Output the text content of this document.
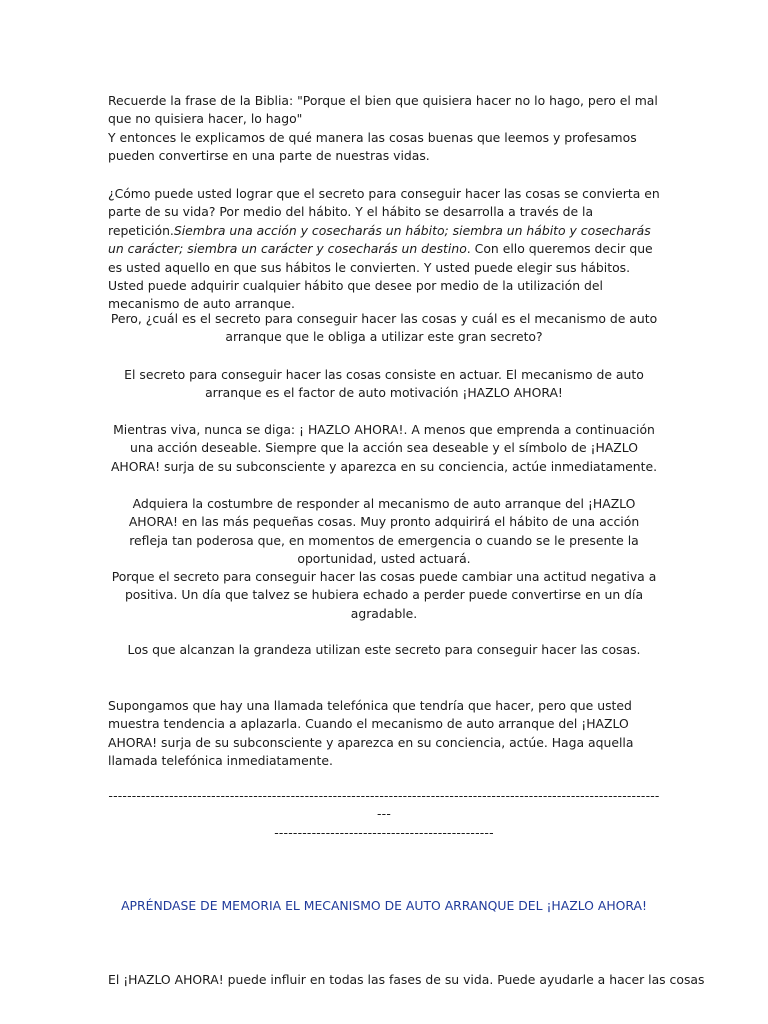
Recuerde la frase de la Biblia: "Porque el bien que quisiera hacer no lo hago, pero el mal que no quisiera hacer, lo hago"
Y entonces le explicamos de qué manera las cosas buenas que leemos y profesamos pueden convertirse en una parte de nuestras vidas.

¿Cómo puede usted lograr que el secreto para conseguir hacer las cosas se convierta en parte de su vida? Por medio del hábito. Y el hábito se desarrolla a través de la repetición.Siembra una acción y cosecharás un hábito; siembra un hábito y cosecharás un carácter; siembra un carácter y cosecharás un destino. Con ello queremos decir que es usted aquello en que sus hábitos le convierten. Y usted puede elegir sus hábitos. Usted puede adquirir cualquier hábito que desee por medio de la utilización del mecanismo de auto arranque.

Pero, ¿cuál es el secreto para conseguir hacer las cosas y cuál es el mecanismo de auto arranque que le obliga a utilizar este gran secreto?

El secreto para conseguir hacer las cosas consiste en actuar. El mecanismo de auto arranque es el factor de auto motivación ¡HAZLO AHORA!

Mientras viva, nunca se diga: ¡ HAZLO AHORA!. A menos que emprenda a continuación una acción deseable. Siempre que la acción sea deseable y el símbolo de ¡HAZLO AHORA! surja de su subconsciente y aparezca en su conciencia, actúe inmediatamente.

Adquiera la costumbre de responder al mecanismo de auto arranque del ¡HAZLO AHORA! en las más pequeñas cosas. Muy pronto adquirirá el hábito de una acción refleja tan poderosa que, en momentos de emergencia o cuando se le presente la oportunidad, usted actuará.

Porque el secreto para conseguir hacer las cosas puede cambiar una actitud negativa a positiva. Un día que talvez se hubiera echado a perder puede convertirse en un día agradable.

Los que alcanzan la grandeza utilizan este secreto para conseguir hacer las cosas.

Supongamos que hay una llamada telefónica que tendría que hacer, pero que usted muestra tendencia a aplazarla. Cuando el mecanismo de auto arranque del ¡HAZLO AHORA! surja de su subconsciente y aparezca en su conciencia, actúe. Haga aquella llamada telefónica inmediatamente.

-------------------------------------------------------------------------------------------------------------------------
-----------------------------------------------

APRÉNDASE DE MEMORIA EL MECANISMO DE AUTO ARRANQUE DEL ¡HAZLO AHORA!

El ¡HAZLO AHORA! puede influir en todas las fases de su vida. Puede ayudarle a hacer las cosas
